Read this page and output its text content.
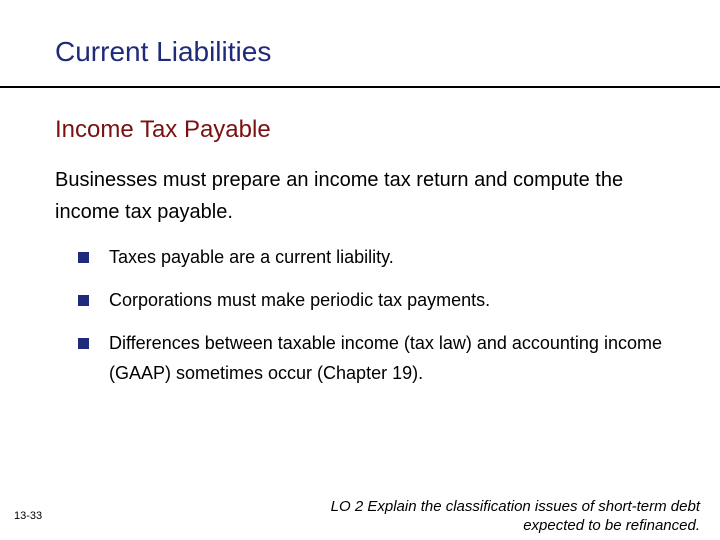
Current Liabilities
Income Tax Payable
Businesses must prepare an income tax return and compute the income tax payable.
Taxes payable are a current liability.
Corporations must make periodic tax payments.
Differences between taxable income (tax law) and accounting income (GAAP) sometimes occur (Chapter 19).
13-33
LO 2 Explain the classification issues of short-term debt expected to be refinanced.
